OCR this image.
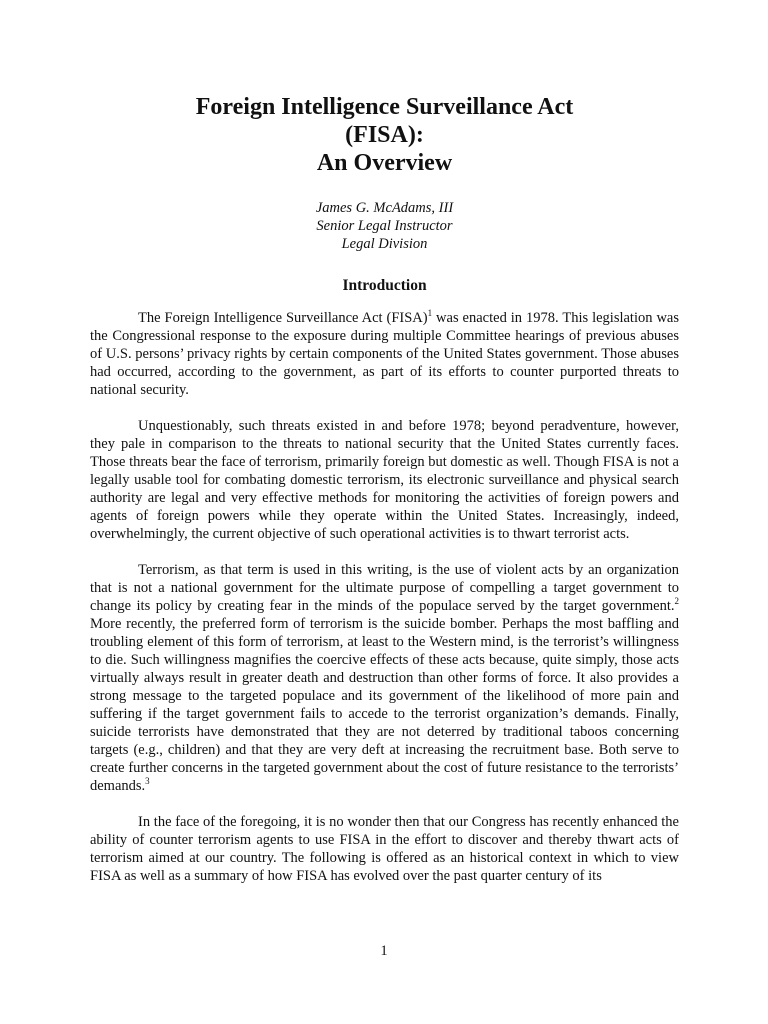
Foreign Intelligence Surveillance Act
(FISA):
An Overview
James G. McAdams, III
Senior Legal Instructor
Legal Division
Introduction

The Foreign Intelligence Surveillance Act (FISA)$^1$ was enacted in 1978. This legislation was the Congressional response to the exposure during multiple Committee hearings of previous abuses of U.S. persons’ privacy rights by certain components of the United States government. Those abuses had occurred, according to the government, as part of its efforts to counter purported threats to national security.

Unquestionably, such threats existed in and before 1978; beyond peradventure, however, they pale in comparison to the threats to national security that the United States currently faces. Those threats bear the face of terrorism, primarily foreign but domestic as well. Though FISA is not a legally usable tool for combating domestic terrorism, its electronic surveillance and physical search authority are legal and very effective methods for monitoring the activities of foreign powers and agents of foreign powers while they operate within the United States. Increasingly, indeed, overwhelmingly, the current objective of such operational activities is to thwart terrorist acts.

Terrorism, as that term is used in this writing, is the use of violent acts by an organization that is not a national government for the ultimate purpose of compelling a target government to change its policy by creating fear in the minds of the populace served by the target government.$^2$ More recently, the preferred form of terrorism is the suicide bomber. Perhaps the most baffling and troubling element of this form of terrorism, at least to the Western mind, is the terrorist’s willingness to die. Such willingness magnifies the coercive effects of these acts because, quite simply, those acts virtually always result in greater death and destruction than other forms of force. It also provides a strong message to the targeted populace and its government of the likelihood of more pain and suffering if the target government fails to accede to the terrorist organization’s demands. Finally, suicide terrorists have demonstrated that they are not deterred by traditional taboos concerning targets (e.g., children) and that they are very deft at increasing the recruitment base. Both serve to create further concerns in the targeted government about the cost of future resistance to the terrorists’ demands.$^3$

In the face of the foregoing, it is no wonder then that our Congress has recently enhanced the ability of counter terrorism agents to use FISA in the effort to discover and thereby thwart acts of terrorism aimed at our country. The following is offered as an historical context in which to view FISA as well as a summary of how FISA has evolved over the past quarter century of its

1
